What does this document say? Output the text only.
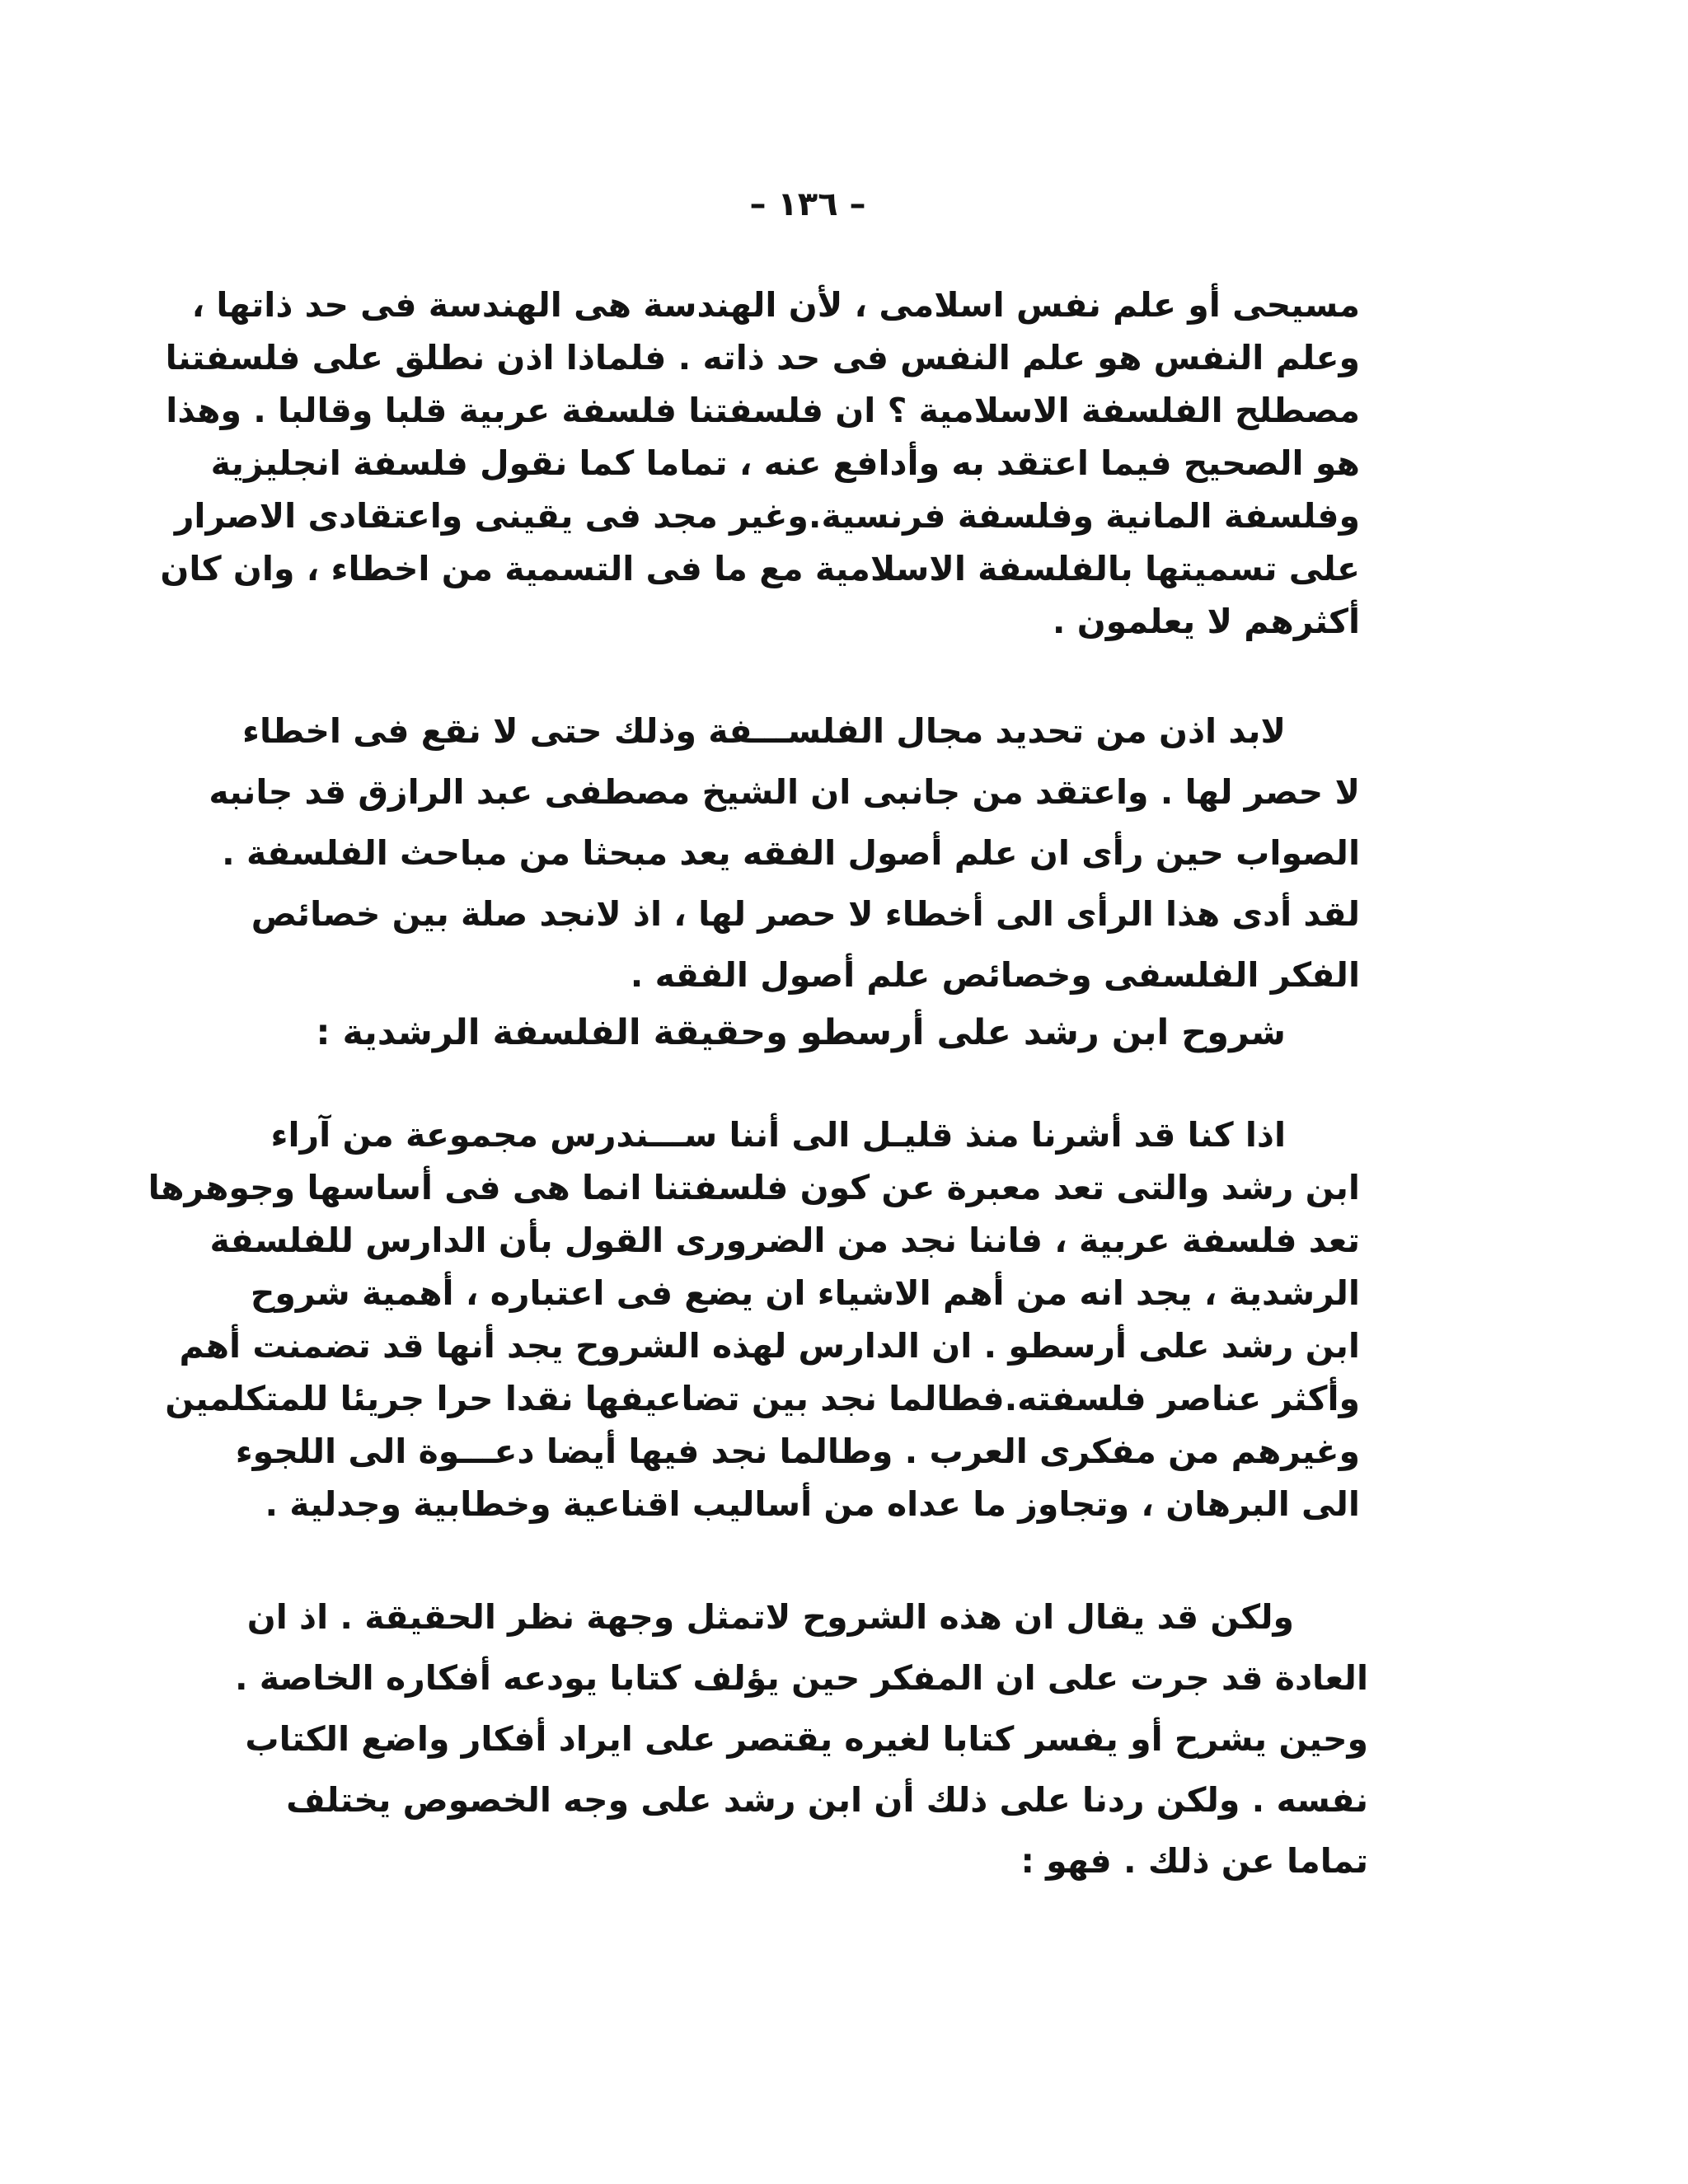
– ١٣٦ –
مسيحى أو علم نفس اسلامى ، لأن الهندسة هى الهندسة فى حد ذاتها ،
وعلم النفس هو علم النفس فى حد ذاته . فلماذا اذن نطلق على فلسفتنا
مصطلح الفلسفة الاسلامية ؟ ان فلسفتنا فلسفة عربية قلبا وقالبا . وهذا
هو الصحيح فيما اعتقد به وأدافع عنه ، تماما كما نقول فلسفة انجليزية
وفلسفة المانية وفلسفة فرنسية.وغير مجد فى يقينى واعتقادى الاصرار
على تسميتها بالفلسفة الاسلامية مع ما فى التسمية من اخطاء ، وان كان
أكثرهم لا يعلمون .
لابد اذن من تحديد مجال الفلســـفة وذلك حتى لا نقع فى اخطاء
لا حصر لها . واعتقد من جانبى ان الشيخ مصطفى عبد الرازق قد جانبه
الصواب حين رأى ان علم أصول الفقه يعد مبحثا من مباحث الفلسفة .
لقد أدى هذا الرأى الى أخطاء لا حصر لها ، اذ لانجد صلة بين خصائص
الفكر الفلسفى وخصائص علم أصول الفقه .
شروح ابن رشد على أرسطو وحقيقة الفلسفة الرشدية :
اذا كنا قد أشرنا منذ قليـل الى أننا ســـندرس مجموعة من آراء
ابن رشد والتى تعد معبرة عن كون فلسفتنا انما هى فى أساسها وجوهرها
تعد فلسفة عربية ، فاننا نجد من الضرورى القول بأن الدارس للفلسفة
الرشدية ، يجد انه من أهم الاشياء ان يضع فى اعتباره ، أهمية شروح
ابن رشد على أرسطو . ان الدارس لهذه الشروح يجد أنها قد تضمنت أهم
وأكثر عناصر فلسفته.فطالما نجد بين تضاعيفها نقدا حرا جريئا للمتكلمين
وغيرهم من مفكرى العرب . وطالما نجد فيها أيضا دعـــوة الى اللجوء
الى البرهان ، وتجاوز ما عداه من أساليب اقناعية وخطابية وجدلية .
ولكن قد يقال ان هذه الشروح لاتمثل وجهة نظر الحقيقة . اذ ان
العادة قد جرت على ان المفكر حين يؤلف كتابا يودعه أفكاره الخاصة .
وحين يشرح أو يفسر كتابا لغيره يقتصر على ايراد أفكار واضع الكتاب
نفسه . ولكن ردنا على ذلك أن ابن رشد على وجه الخصوص يختلف
تماما عن ذلك . فهو :
